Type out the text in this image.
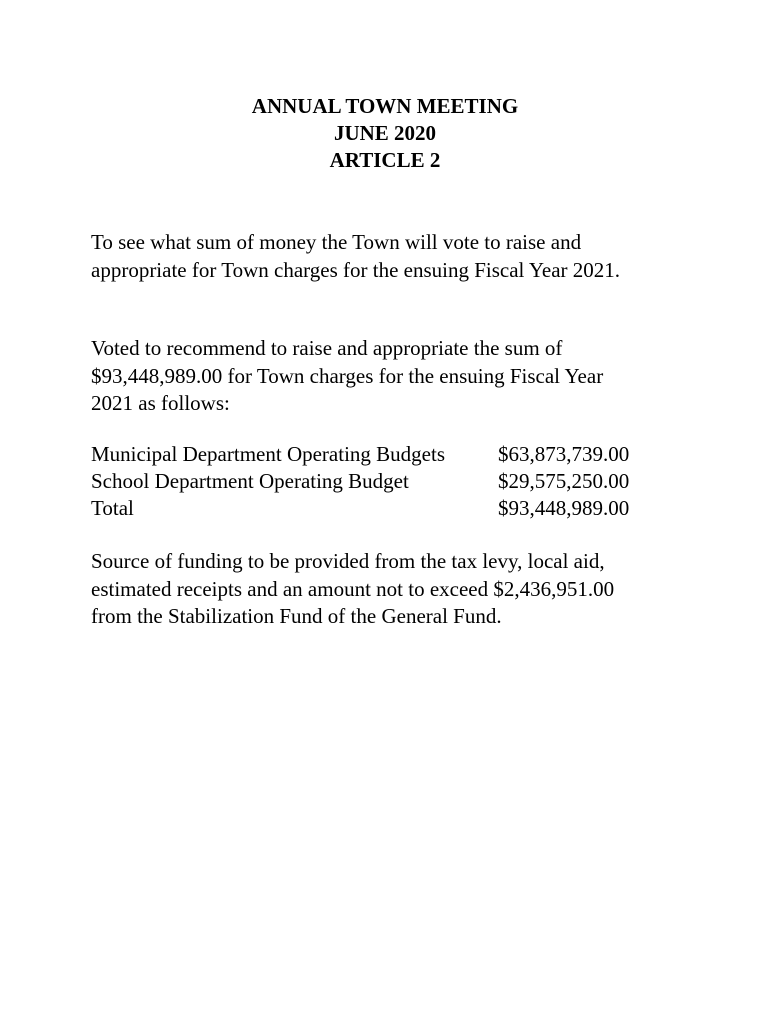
ANNUAL TOWN MEETING
JUNE 2020
ARTICLE 2
To see what sum of money the Town will vote to raise and
appropriate for Town charges for the ensuing Fiscal Year 2021.
Voted to recommend to raise and appropriate the sum of
$93,448,989.00 for Town charges for the ensuing Fiscal Year
2021 as follows:
Municipal Department Operating Budgets	$63,873,739.00
School Department Operating Budget	$29,575,250.00
Total	$93,448,989.00
Source of funding to be provided from the tax levy, local aid,
estimated receipts and an amount not to exceed $2,436,951.00
from the Stabilization Fund of the General Fund.
